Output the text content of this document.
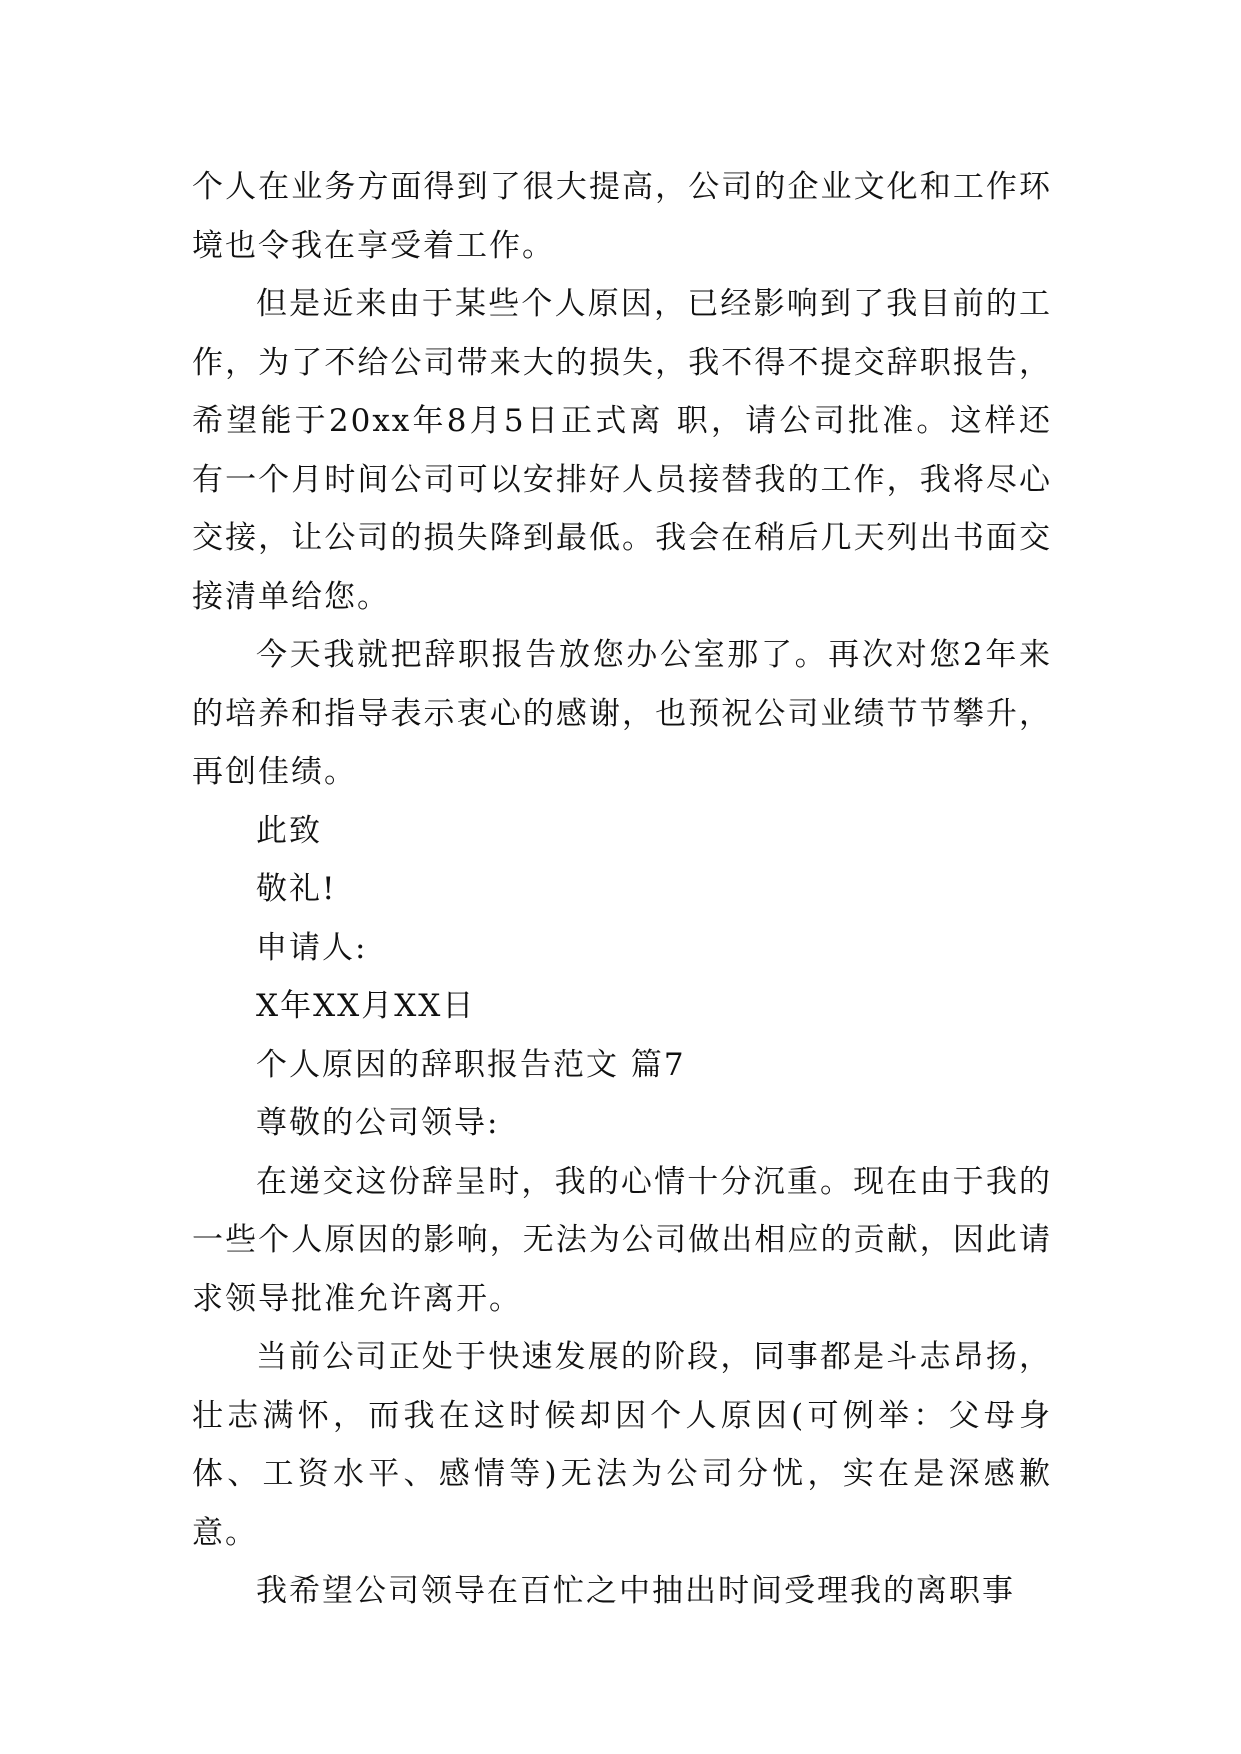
个人在业务方面得到了很大提高，公司的企业文化和工作环境也令我在享受着工作。

但是近来由于某些个人原因，已经影响到了我目前的工作，为了不给公司带来大的损失，我不得不提交辞职报告，希望能于20xx年8月5日正式离 职，请公司批准。这样还有一个月时间公司可以安排好人员接替我的工作，我将尽心交接，让公司的损失降到最低。我会在稍后几天列出书面交接清单给您。

今天我就把辞职报告放您办公室那了。再次对您2年来的培养和指导表示衷心的感谢，也预祝公司业绩节节攀升，再创佳绩。

此致

敬礼!

申请人:

X年XX月XX日

个人原因的辞职报告范文 篇7

尊敬的公司领导:

在递交这份辞呈时，我的心情十分沉重。现在由于我的一些个人原因的影响，无法为公司做出相应的贡献，因此请求领导批准允许离开。

当前公司正处于快速发展的阶段，同事都是斗志昂扬，壮志满怀，而我在这时候却因个人原因(可例举：父母身体、工资水平、感情等)无法为公司分忧，实在是深感歉意。

我希望公司领导在百忙之中抽出时间受理我的离职事
